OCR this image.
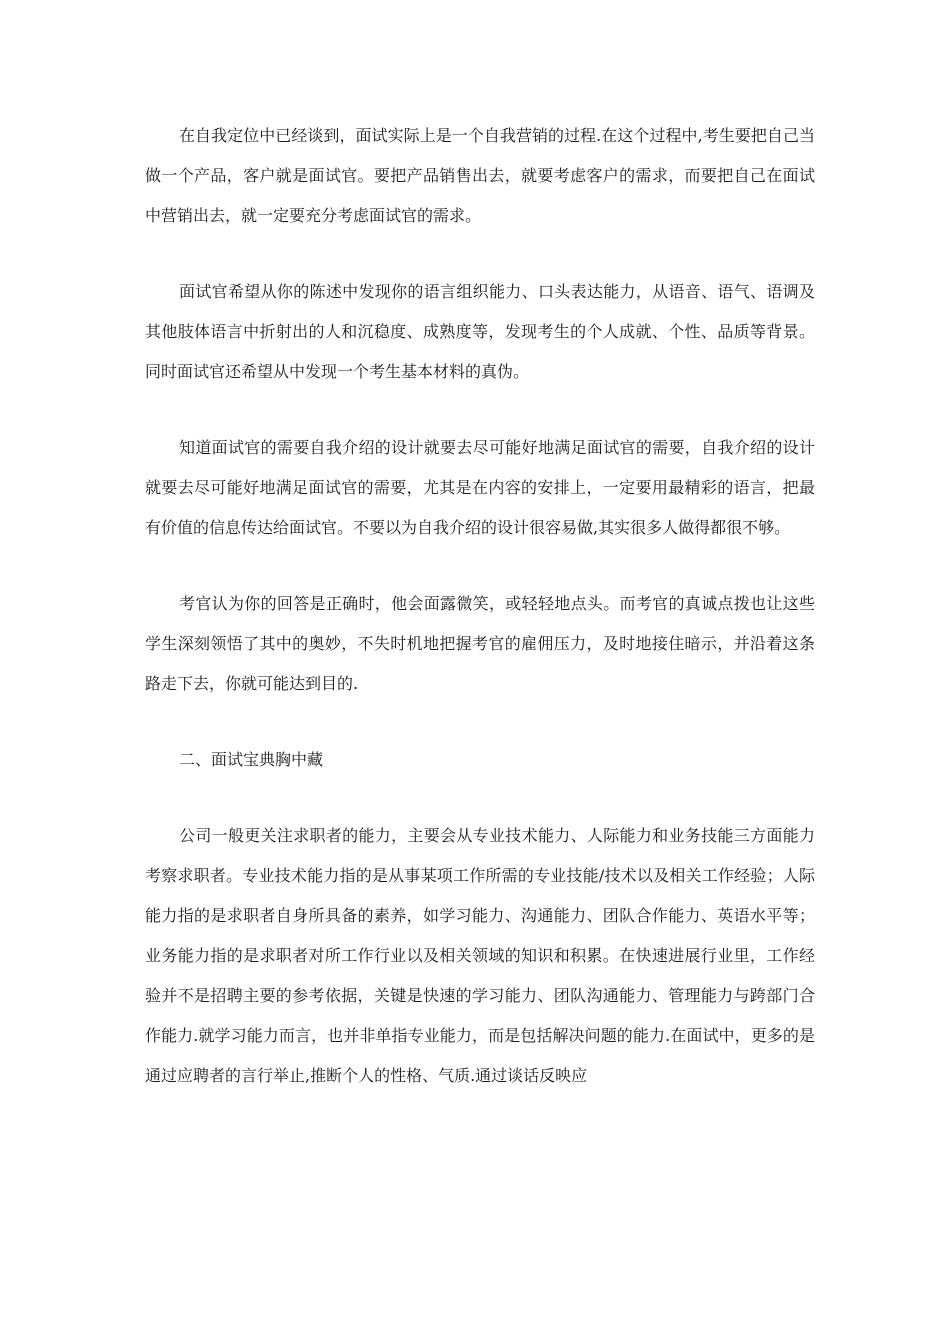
在自我定位中已经谈到，面试实际上是一个自我营销的过程.在这个过程中,考生要把自己当做一个产品，客户就是面试官。要把产品销售出去，就要考虑客户的需求，而要把自己在面试中营销出去，就一定要充分考虑面试官的需求。

面试官希望从你的陈述中发现你的语言组织能力、口头表达能力，从语音、语气、语调及其他肢体语言中折射出的人和沉稳度、成熟度等，发现考生的个人成就、个性、品质等背景。同时面试官还希望从中发现一个考生基本材料的真伪。

知道面试官的需要自我介绍的设计就要去尽可能好地满足面试官的需要，自我介绍的设计就要去尽可能好地满足面试官的需要，尤其是在内容的安排上，一定要用最精彩的语言，把最有价值的信息传达给面试官。不要以为自我介绍的设计很容易做,其实很多人做得都很不够。

考官认为你的回答是正确时，他会面露微笑，或轻轻地点头。而考官的真诚点拨也让这些学生深刻领悟了其中的奥妙，不失时机地把握考官的雇佣压力，及时地接住暗示，并沿着这条路走下去，你就可能达到目的.

二、面试宝典胸中藏

公司一般更关注求职者的能力，主要会从专业技术能力、人际能力和业务技能三方面能力考察求职者。专业技术能力指的是从事某项工作所需的专业技能/技术以及相关工作经验；人际能力指的是求职者自身所具备的素养，如学习能力、沟通能力、团队合作能力、英语水平等；业务能力指的是求职者对所工作行业以及相关领域的知识和积累。在快速进展行业里，工作经验并不是招聘主要的参考依据，关键是快速的学习能力、团队沟通能力、管理能力与跨部门合作能力.就学习能力而言，也并非单指专业能力，而是包括解决问题的能力.在面试中，更多的是通过应聘者的言行举止,推断个人的性格、气质.通过谈话反映应
